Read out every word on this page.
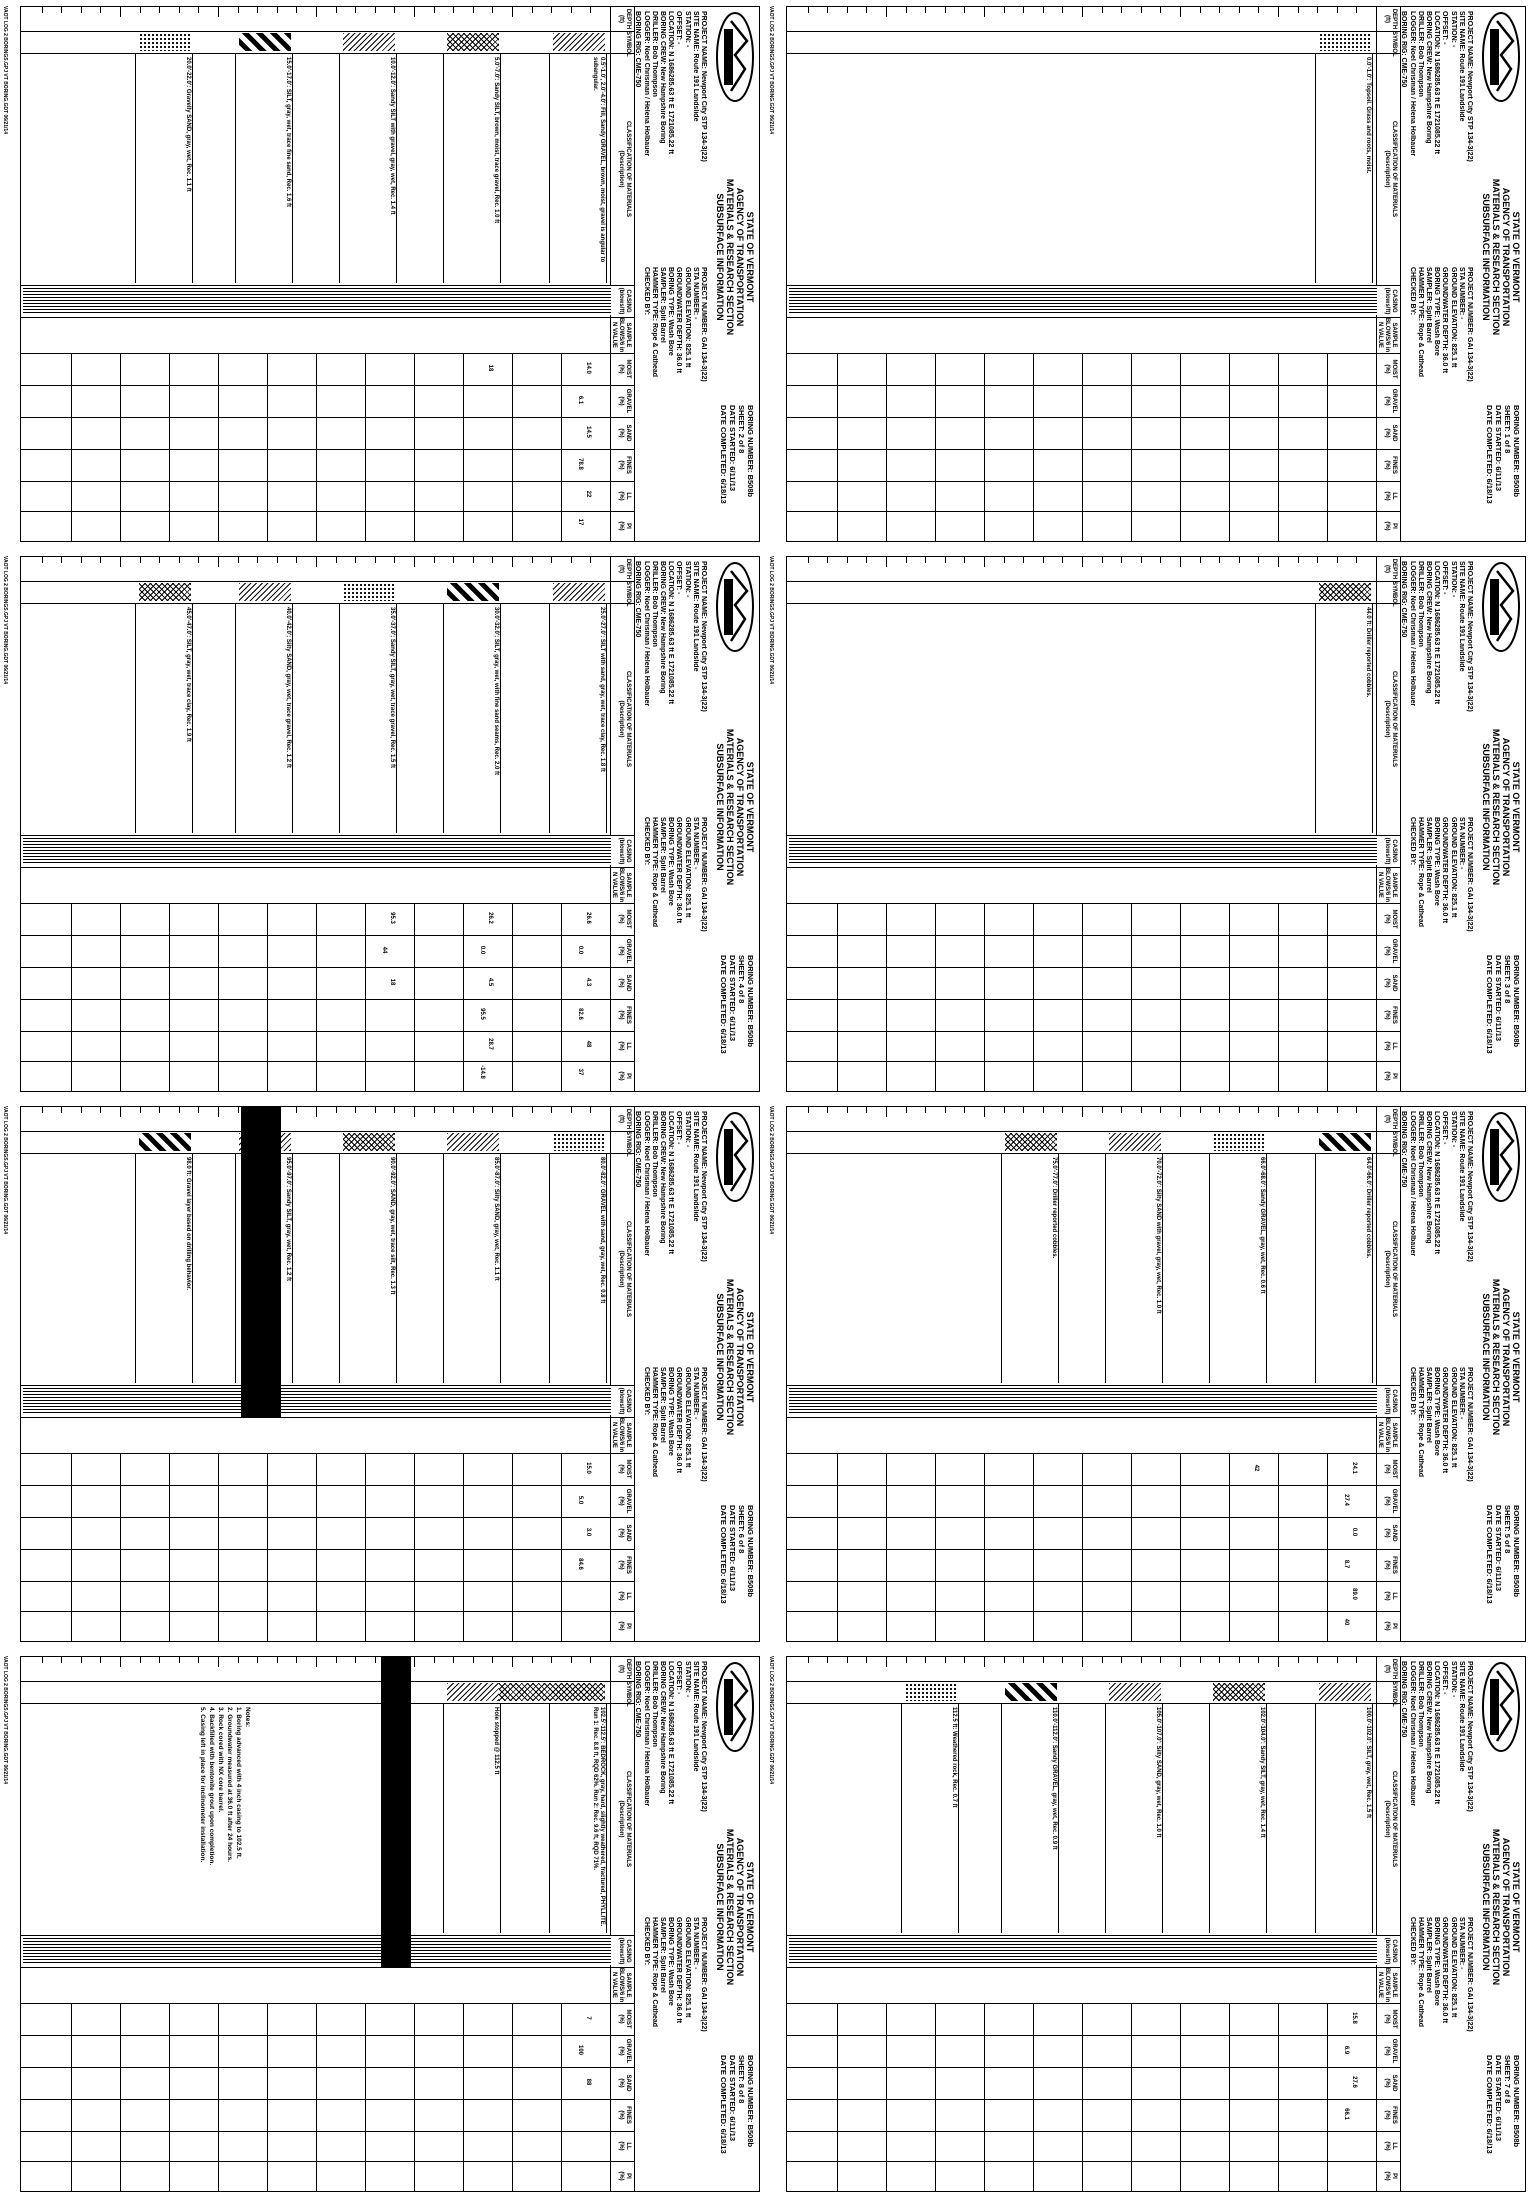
STATE OF VERMONT
AGENCY OF TRANSPORTATION
MATERIALS & RESEARCH SECTION
SUBSURFACE INFORMATION
BORING NUMBER: B508b
SHEET: 1 of 8
DATE STARTED: 6/11/13
DATE COMPLETED: 6/18/13
PROJECT NAME: Newport City STP 134-3(22)
SITE NAME: Route 191 Landslide
STATION: -
OFFSET: -
LOCATION: N 1686285.63 ft E 1721085.22 ft
BORING CREW: New Hampshire Boring
DRILLER: Bob Thompson
LOGGER: Noel Chrisman / Helena Holbauer
BORING RIG: CME-750
PROJECT NUMBER: GAI 134-3(22)
STA NUMBER: -
GROUND ELEVATION: 825.1 ft
GROUNDWATER DEPTH: 36.0 ft
BORING TYPE: Wash Bore
SAMPLER: Split Barrel
HAMMER TYPE: Rope & Cathead
CHECKED BY:
DEPTH (ft)
SYMBOL
CLASSIFICATION OF MATERIALS
(Description)
CASING
(blows/ft)
SAMPLE
BLOWS/6 in
N VALUE
MOIST
(%)
GRAVEL
(%)
SAND
(%)
FINES
(%)
LL
(%)
PI
(%)
0.0'-1.0': Topsoil. Grass and roots, moist.
VAOT LOG 2 BORINGS.GPJ VT BORING.GDT 06/21/14
STATE OF VERMONT
AGENCY OF TRANSPORTATION
MATERIALS & RESEARCH SECTION
SUBSURFACE INFORMATION
BORING NUMBER: B508b
SHEET: 2 of 8
DATE STARTED: 6/11/13
DATE COMPLETED: 6/18/13
PROJECT NAME: Newport City STP 134-3(22)
SITE NAME: Route 191 Landslide
STATION: -
OFFSET: -
LOCATION: N 1686285.63 ft E 1721085.22 ft
BORING CREW: New Hampshire Boring
DRILLER: Bob Thompson
LOGGER: Noel Chrisman / Helena Holbauer
BORING RIG: CME-750
PROJECT NUMBER: GAI 134-3(22)
STA NUMBER: -
GROUND ELEVATION: 825.1 ft
GROUNDWATER DEPTH: 36.0 ft
BORING TYPE: Wash Bore
SAMPLER: Split Barrel
HAMMER TYPE: Rope & Cathead
CHECKED BY:
DEPTH (ft)
SYMBOL
CLASSIFICATION OF MATERIALS
(Description)
CASING
(blows/ft)
SAMPLE
BLOWS/6 in
N VALUE
MOIST
(%)
GRAVEL
(%)
SAND
(%)
FINES
(%)
LL
(%)
PI
(%)
0.5'-1.0', 2.0'-4.0': Fill, Sandy GRAVEL, brown, moist, gravel is angular to subangular.
5.0'-7.0': Sandy SILT, brown, moist, trace gravel, Rec. 1.0 ft
10.0'-12.0': Sandy SILT with gravel, gray, wet, Rec. 1.4 ft
15.0'-17.0': SILT, gray, wet, trace fine sand, Rec. 1.6 ft
20.0'-22.0': Gravelly SAND, gray, wet, Rec. 1.1 ft
14.0
6.1
14.5
78.8
22
17
18
VAOT LOG 2 BORINGS.GPJ VT BORING.GDT 06/21/14
STATE OF VERMONT
AGENCY OF TRANSPORTATION
MATERIALS & RESEARCH SECTION
SUBSURFACE INFORMATION
BORING NUMBER: B508b
SHEET: 3 of 8
DATE STARTED: 6/11/13
DATE COMPLETED: 6/18/13
PROJECT NAME: Newport City STP 134-3(22)
SITE NAME: Route 191 Landslide
STATION: -
OFFSET: -
LOCATION: N 1686285.63 ft E 1721085.22 ft
BORING CREW: New Hampshire Boring
DRILLER: Bob Thompson
LOGGER: Noel Chrisman / Helena Holbauer
BORING RIG: CME-750
PROJECT NUMBER: GAI 134-3(22)
STA NUMBER: -
GROUND ELEVATION: 825.1 ft
GROUNDWATER DEPTH: 36.0 ft
BORING TYPE: Wash Bore
SAMPLER: Split Barrel
HAMMER TYPE: Rope & Cathead
CHECKED BY:
DEPTH (ft)
SYMBOL
CLASSIFICATION OF MATERIALS
(Description)
CASING
(blows/ft)
SAMPLE
BLOWS/6 in
N VALUE
MOIST
(%)
GRAVEL
(%)
SAND
(%)
FINES
(%)
LL
(%)
PI
(%)
44.0 ft: Driller reported cobbles.
VAOT LOG 2 BORINGS.GPJ VT BORING.GDT 06/21/14
STATE OF VERMONT
AGENCY OF TRANSPORTATION
MATERIALS & RESEARCH SECTION
SUBSURFACE INFORMATION
BORING NUMBER: B508b
SHEET: 4 of 8
DATE STARTED: 6/11/13
DATE COMPLETED: 6/18/13
PROJECT NAME: Newport City STP 134-3(22)
SITE NAME: Route 191 Landslide
STATION: -
OFFSET: -
LOCATION: N 1686285.63 ft E 1721085.22 ft
BORING CREW: New Hampshire Boring
DRILLER: Bob Thompson
LOGGER: Noel Chrisman / Helena Holbauer
BORING RIG: CME-750
PROJECT NUMBER: GAI 134-3(22)
STA NUMBER: -
GROUND ELEVATION: 825.1 ft
GROUNDWATER DEPTH: 36.0 ft
BORING TYPE: Wash Bore
SAMPLER: Split Barrel
HAMMER TYPE: Rope & Cathead
CHECKED BY:
DEPTH (ft)
SYMBOL
CLASSIFICATION OF MATERIALS
(Description)
CASING
(blows/ft)
SAMPLE
BLOWS/6 in
N VALUE
MOIST
(%)
GRAVEL
(%)
SAND
(%)
FINES
(%)
LL
(%)
PI
(%)
25.0'-27.0': SILT with sand, gray, wet, trace clay, Rec. 1.8 ft
30.0'-32.0': SILT, gray, wet, with fine sand seams, Rec. 2.0 ft
35.0'-37.0': Sandy SILT, gray, wet, trace gravel, Rec. 1.5 ft
40.0'-42.0': Silty SAND, gray, wet, trace gravel, Rec. 1.2 ft
45.0'-47.0': SILT, gray, wet, trace clay, Rec. 1.9 ft
26.6
0.0
4.3
82.6
48
37
26.2
0.0
4.5
95.5
28.7
-14.8
95.3
44
18
VAOT LOG 2 BORINGS.GPJ VT BORING.GDT 06/21/14
STATE OF VERMONT
AGENCY OF TRANSPORTATION
MATERIALS & RESEARCH SECTION
SUBSURFACE INFORMATION
BORING NUMBER: B508b
SHEET: 5 of 8
DATE STARTED: 6/11/13
DATE COMPLETED: 6/18/13
PROJECT NAME: Newport City STP 134-3(22)
SITE NAME: Route 191 Landslide
STATION: -
OFFSET: -
LOCATION: N 1686285.63 ft E 1721085.22 ft
BORING CREW: New Hampshire Boring
DRILLER: Bob Thompson
LOGGER: Noel Chrisman / Helena Holbauer
BORING RIG: CME-750
PROJECT NUMBER: GAI 134-3(22)
STA NUMBER: -
GROUND ELEVATION: 825.1 ft
GROUNDWATER DEPTH: 36.0 ft
BORING TYPE: Wash Bore
SAMPLER: Split Barrel
HAMMER TYPE: Rope & Cathead
CHECKED BY:
DEPTH (ft)
SYMBOL
CLASSIFICATION OF MATERIALS
(Description)
CASING
(blows/ft)
SAMPLE
BLOWS/6 in
N VALUE
MOIST
(%)
GRAVEL
(%)
SAND
(%)
FINES
(%)
LL
(%)
PI
(%)
64.0'-66.0': Driller reported cobbles.
66.0'-68.0': Sandy GRAVEL, gray, wet, Rec. 0.6 ft
70.0'-72.0': Silty SAND with gravel, gray, wet, Rec. 1.0 ft
75.0'-77.0': Driller reported cobbles.
24.1
27.4
0.0
8.7
89.0
40
42
VAOT LOG 2 BORINGS.GPJ VT BORING.GDT 06/21/14
STATE OF VERMONT
AGENCY OF TRANSPORTATION
MATERIALS & RESEARCH SECTION
SUBSURFACE INFORMATION
BORING NUMBER: B508b
SHEET: 6 of 8
DATE STARTED: 6/11/13
DATE COMPLETED: 6/18/13
PROJECT NAME: Newport City STP 134-3(22)
SITE NAME: Route 191 Landslide
STATION: -
OFFSET: -
LOCATION: N 1686285.63 ft E 1721085.22 ft
BORING CREW: New Hampshire Boring
DRILLER: Bob Thompson
LOGGER: Noel Chrisman / Helena Holbauer
BORING RIG: CME-750
PROJECT NUMBER: GAI 134-3(22)
STA NUMBER: -
GROUND ELEVATION: 825.1 ft
GROUNDWATER DEPTH: 36.0 ft
BORING TYPE: Wash Bore
SAMPLER: Split Barrel
HAMMER TYPE: Rope & Cathead
CHECKED BY:
DEPTH (ft)
SYMBOL
CLASSIFICATION OF MATERIALS
(Description)
CASING
(blows/ft)
SAMPLE
BLOWS/6 in
N VALUE
MOIST
(%)
GRAVEL
(%)
SAND
(%)
FINES
(%)
LL
(%)
PI
(%)
80.0'-82.0': GRAVEL with sand, gray, wet, Rec. 0.8 ft
85.0'-87.0': Silty SAND, gray, wet, Rec. 1.1 ft
90.0'-92.0': SAND, gray, wet, trace silt, Rec. 1.3 ft
95.0'-97.0': Sandy SILT, gray, wet, Rec. 1.2 ft
98.0 ft: Gravel layer based on drilling behavior.
15.0
5.0
3.0
84.6
VAOT LOG 2 BORINGS.GPJ VT BORING.GDT 06/21/14
STATE OF VERMONT
AGENCY OF TRANSPORTATION
MATERIALS & RESEARCH SECTION
SUBSURFACE INFORMATION
BORING NUMBER: B508b
SHEET: 7 of 8
DATE STARTED: 6/11/13
DATE COMPLETED: 6/18/13
PROJECT NAME: Newport City STP 134-3(22)
SITE NAME: Route 191 Landslide
STATION: -
OFFSET: -
LOCATION: N 1686285.63 ft E 1721085.22 ft
BORING CREW: New Hampshire Boring
DRILLER: Bob Thompson
LOGGER: Noel Chrisman / Helena Holbauer
BORING RIG: CME-750
PROJECT NUMBER: GAI 134-3(22)
STA NUMBER: -
GROUND ELEVATION: 825.1 ft
GROUNDWATER DEPTH: 36.0 ft
BORING TYPE: Wash Bore
SAMPLER: Split Barrel
HAMMER TYPE: Rope & Cathead
CHECKED BY:
DEPTH (ft)
SYMBOL
CLASSIFICATION OF MATERIALS
(Description)
CASING
(blows/ft)
SAMPLE
BLOWS/6 in
N VALUE
MOIST
(%)
GRAVEL
(%)
SAND
(%)
FINES
(%)
LL
(%)
PI
(%)
100.0'-102.0': SILT, gray, wet, Rec. 1.5 ft
102.0'-104.0': Sandy SILT, gray, wet, Rec. 1.4 ft
105.0'-107.0': Silty SAND, gray, wet, Rec. 1.0 ft
110.0'-112.0': Sandy GRAVEL, gray, wet, Rec. 0.9 ft
112.5 ft: Weathered rock, Rec. 0.7 ft
15.8
6.9
27.6
66.1
VAOT LOG 2 BORINGS.GPJ VT BORING.GDT 06/21/14
STATE OF VERMONT
AGENCY OF TRANSPORTATION
MATERIALS & RESEARCH SECTION
SUBSURFACE INFORMATION
BORING NUMBER: B508b
SHEET: 8 of 8
DATE STARTED: 6/11/13
DATE COMPLETED: 6/18/13
PROJECT NAME: Newport City STP 134-3(22)
SITE NAME: Route 191 Landslide
STATION: -
OFFSET: -
LOCATION: N 1686285.63 ft E 1721085.22 ft
BORING CREW: New Hampshire Boring
DRILLER: Bob Thompson
LOGGER: Noel Chrisman / Helena Holbauer
BORING RIG: CME-750
PROJECT NUMBER: GAI 134-3(22)
STA NUMBER: -
GROUND ELEVATION: 825.1 ft
GROUNDWATER DEPTH: 36.0 ft
BORING TYPE: Wash Bore
SAMPLER: Split Barrel
HAMMER TYPE: Rope & Cathead
CHECKED BY:
DEPTH (ft)
SYMBOL
CLASSIFICATION OF MATERIALS
(Description)
CASING
(blows/ft)
SAMPLE
BLOWS/6 in
N VALUE
MOIST
(%)
GRAVEL
(%)
SAND
(%)
FINES
(%)
LL
(%)
PI
(%)
102.5'-112.5': BEDROCK, gray, hard, slightly weathered, fractured, PHYLLITE. Run 1: Rec. 8.8 ft, RQD 62%. Run 2: Rec. 9.6 ft, RQD 71%.
Hole stopped @ 112.5 ft
7
100
88
Notes:
1. Boring advanced with 4 inch casing to 102.5 ft.
2. Groundwater measured at 36.0 ft after 24 hours.
3. Rock cored with NX core barrel.
4. Backfilled with bentonite grout upon completion.
5. Casing left in place for inclinometer installation.
VAOT LOG 2 BORINGS.GPJ VT BORING.GDT 06/21/14
